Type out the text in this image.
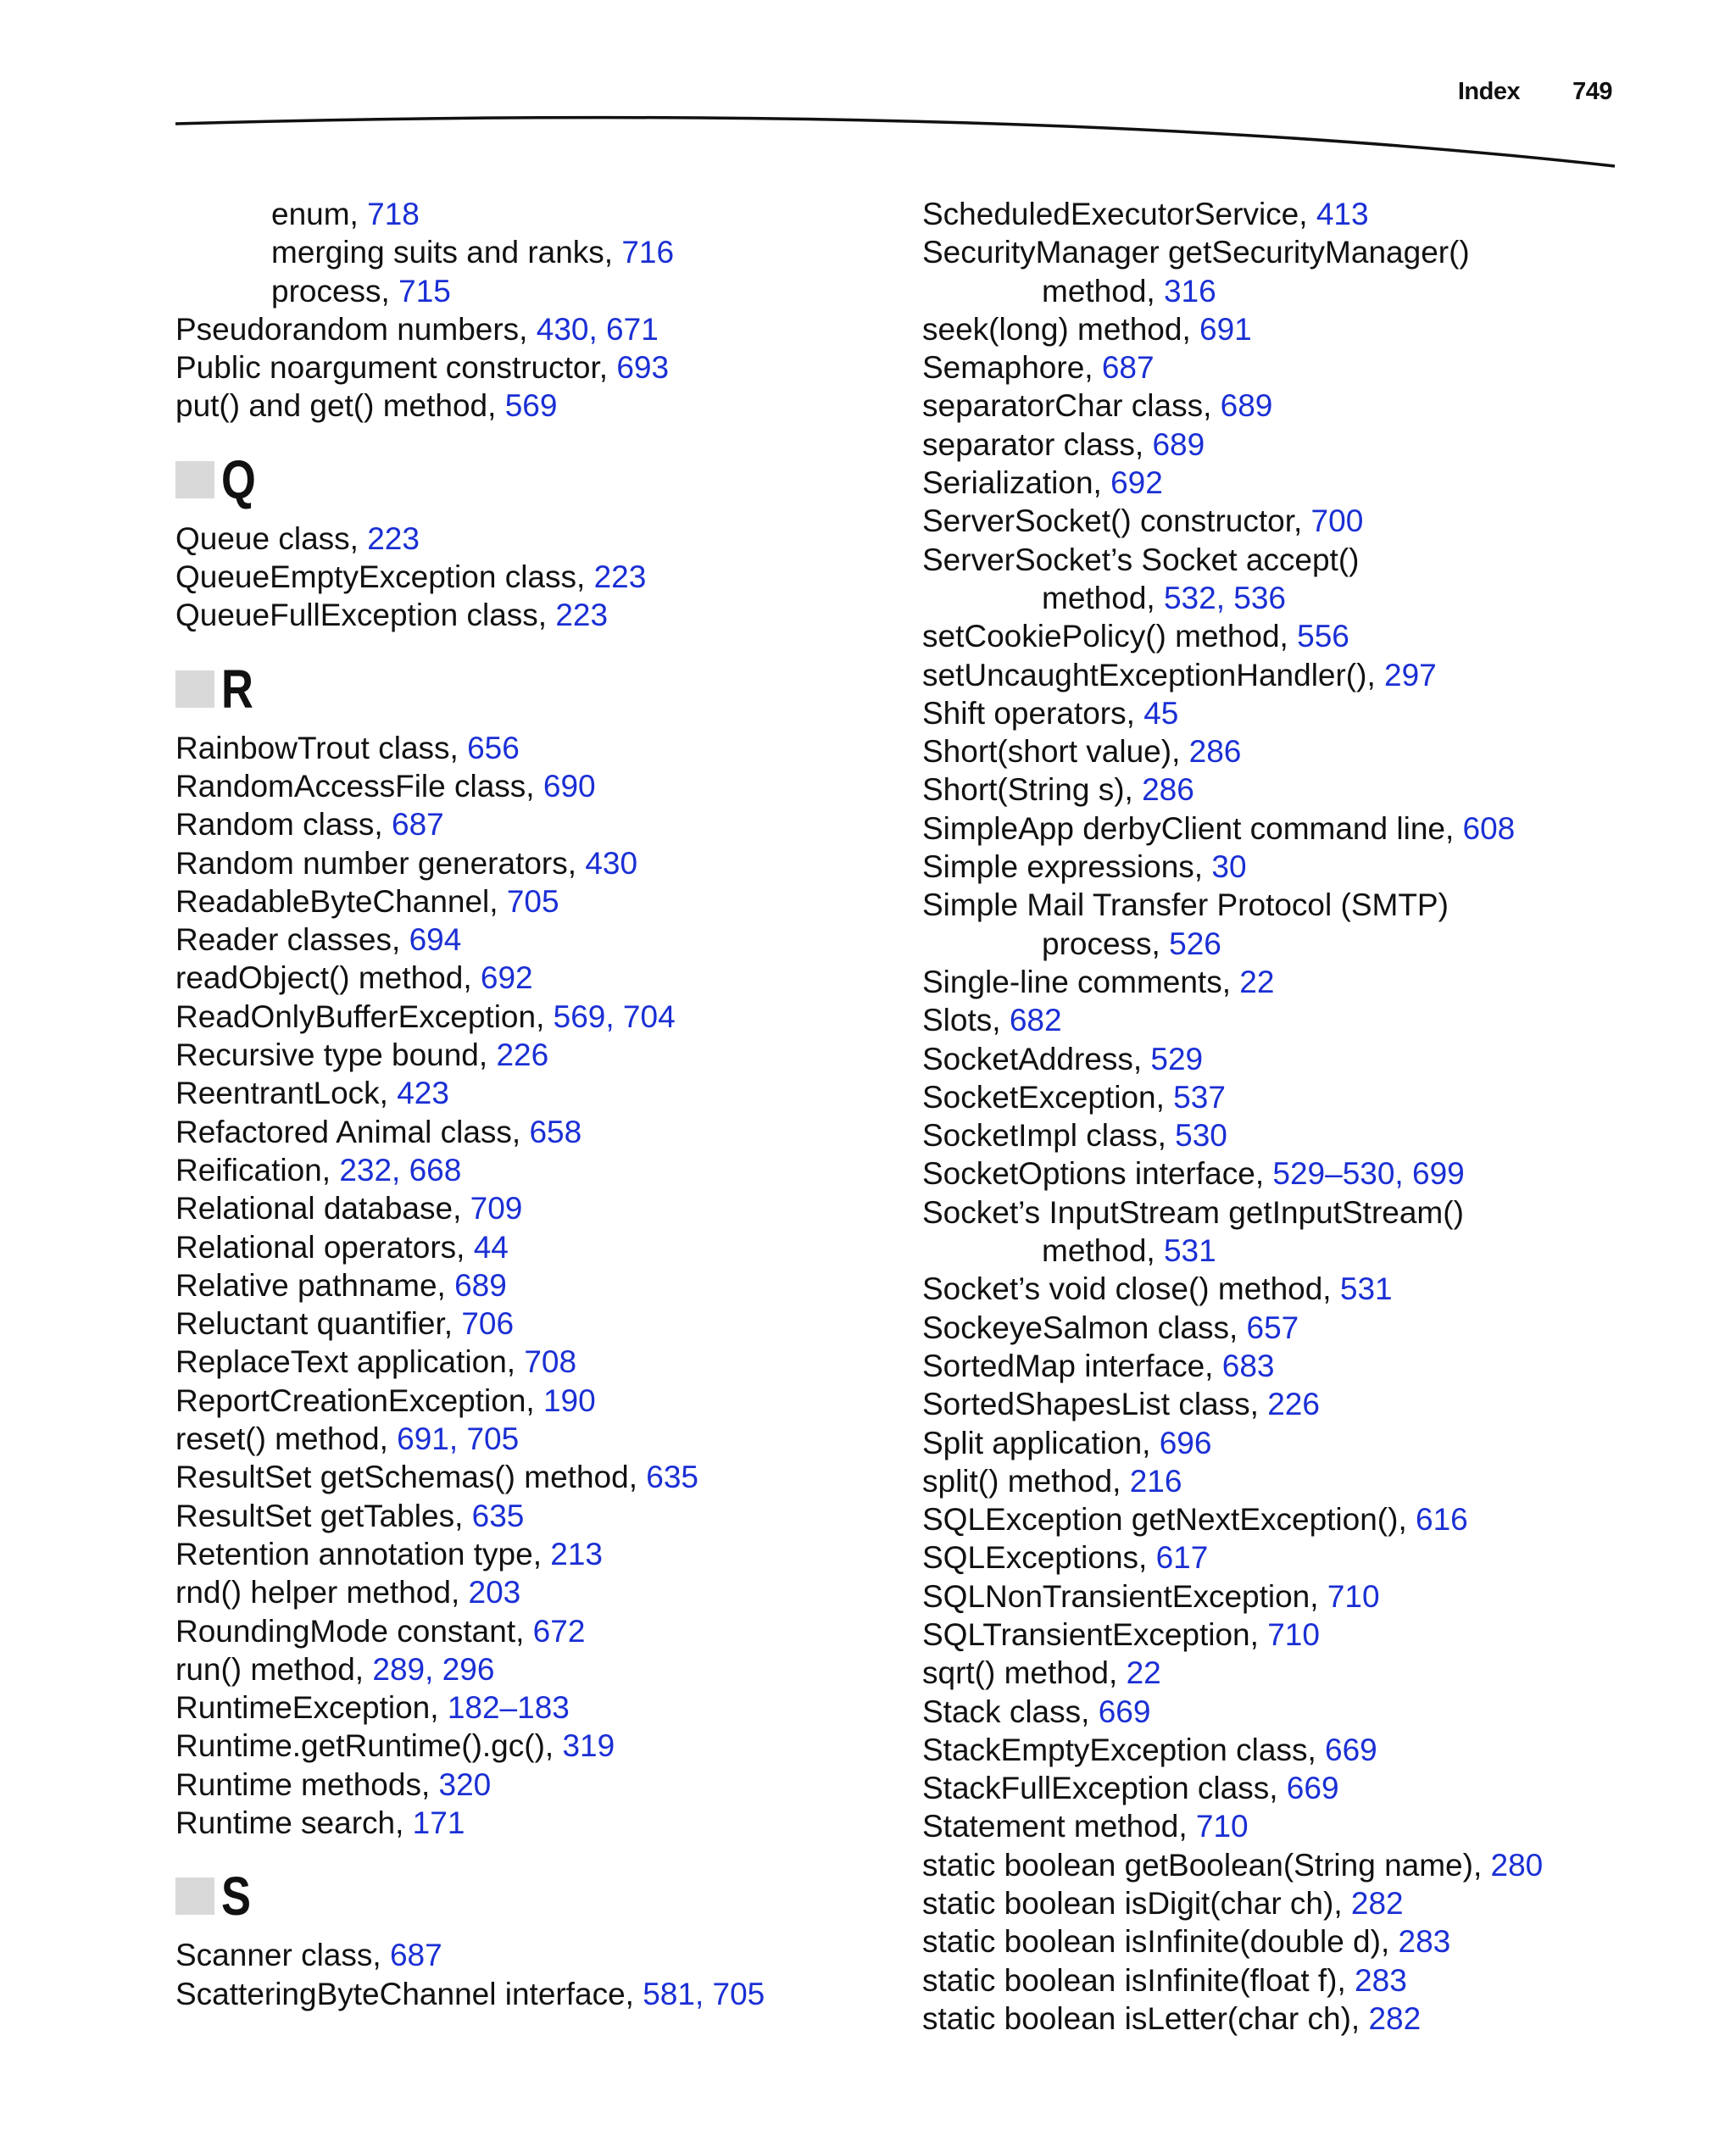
Index 749
enum, 718
merging suits and ranks, 716
process, 715
Pseudorandom numbers, 430, 671
Public noargument constructor, 693
put() and get() method, 569
Q
Queue class, 223
QueueEmptyException class, 223
QueueFullException class, 223
R
RainbowTrout class, 656
RandomAccessFile class, 690
Random class, 687
Random number generators, 430
ReadableByteChannel, 705
Reader classes, 694
readObject() method, 692
ReadOnlyBufferException, 569, 704
Recursive type bound, 226
ReentrantLock, 423
Refactored Animal class, 658
Reification, 232, 668
Relational database, 709
Relational operators, 44
Relative pathname, 689
Reluctant quantifier, 706
ReplaceText application, 708
ReportCreationException, 190
reset() method, 691, 705
ResultSet getSchemas() method, 635
ResultSet getTables, 635
Retention annotation type, 213
rnd() helper method, 203
RoundingMode constant, 672
run() method, 289, 296
RuntimeException, 182–183
Runtime.getRuntime().gc(), 319
Runtime methods, 320
Runtime search, 171
S
Scanner class, 687
ScatteringByteChannel interface, 581, 705
ScheduledExecutorService, 413
SecurityManager getSecurityManager()
method, 316
seek(long) method, 691
Semaphore, 687
separatorChar class, 689
separator class, 689
Serialization, 692
ServerSocket() constructor, 700
ServerSocket’s Socket accept()
method, 532, 536
setCookiePolicy() method, 556
setUncaughtExceptionHandler(), 297
Shift operators, 45
Short(short value), 286
Short(String s), 286
SimpleApp derbyClient command line, 608
Simple expressions, 30
Simple Mail Transfer Protocol (SMTP)
process, 526
Single-line comments, 22
Slots, 682
SocketAddress, 529
SocketException, 537
SocketImpl class, 530
SocketOptions interface, 529–530, 699
Socket’s InputStream getInputStream()
method, 531
Socket’s void close() method, 531
SockeyeSalmon class, 657
SortedMap interface, 683
SortedShapesList class, 226
Split application, 696
split() method, 216
SQLException getNextException(), 616
SQLExceptions, 617
SQLNonTransientException, 710
SQLTransientException, 710
sqrt() method, 22
Stack class, 669
StackEmptyException class, 669
StackFullException class, 669
Statement method, 710
static boolean getBoolean(String name), 280
static boolean isDigit(char ch), 282
static boolean isInfinite(double d), 283
static boolean isInfinite(float f), 283
static boolean isLetter(char ch), 282
